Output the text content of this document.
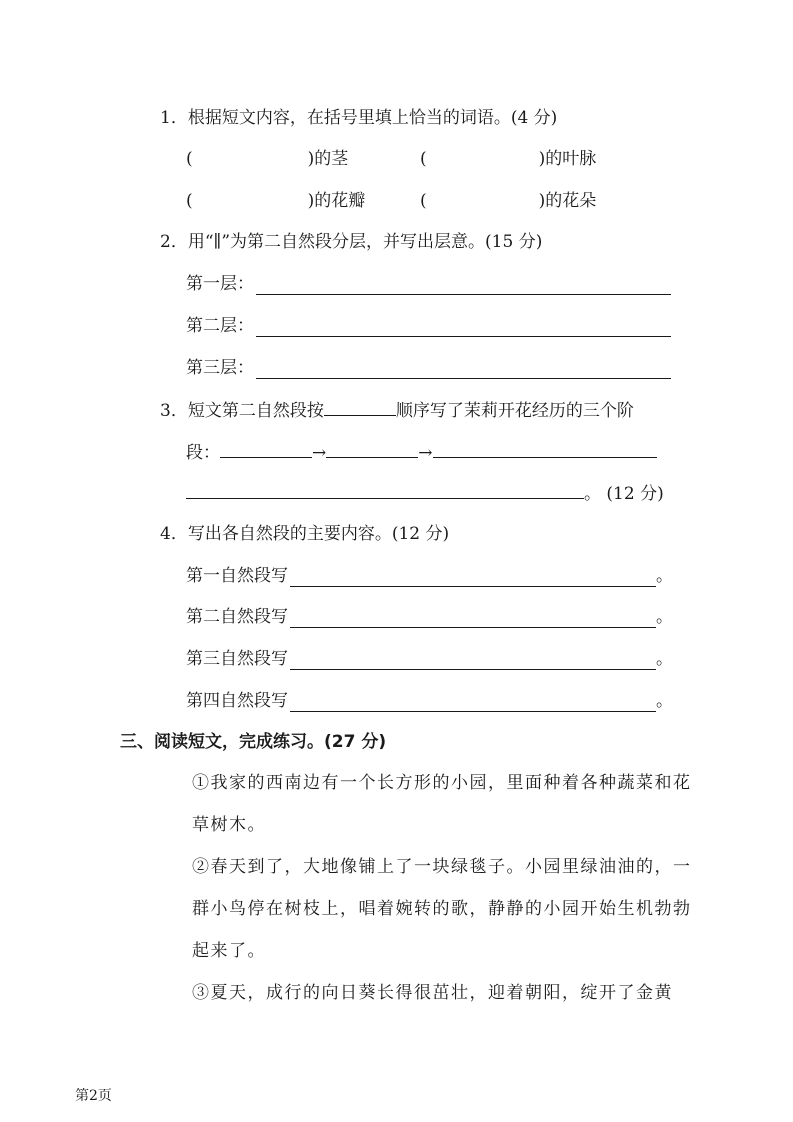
1．根据短文内容，在括号里填上恰当的词语。(4 分)
(	)的茎	(	)的叶脉
(	)的花瓣	(	)的花朵
2．用“∥”为第二自然段分层，并写出层意。(15 分)
第一层：
第二层：
第三层：
3．短文第二自然段按	顺序写了茉莉开花经历的三个阶
段：	→	→
。 (12 分)
4．写出各自然段的主要内容。(12 分)
第一自然段写	。
第二自然段写	。
第三自然段写	。
第四自然段写	。
三、阅读短文，完成练习。(27 分)
①我家的西南边有一个长方形的小园，里面种着各种蔬菜和花草树木。
②春天到了，大地像铺上了一块绿毯子。小园里绿油油的，一群小鸟停在树枝上，唱着婉转的歌，静静的小园开始生机勃勃起来了。
③夏天，成行的向日葵长得很茁壮，迎着朝阳，绽开了金黄
第2页
